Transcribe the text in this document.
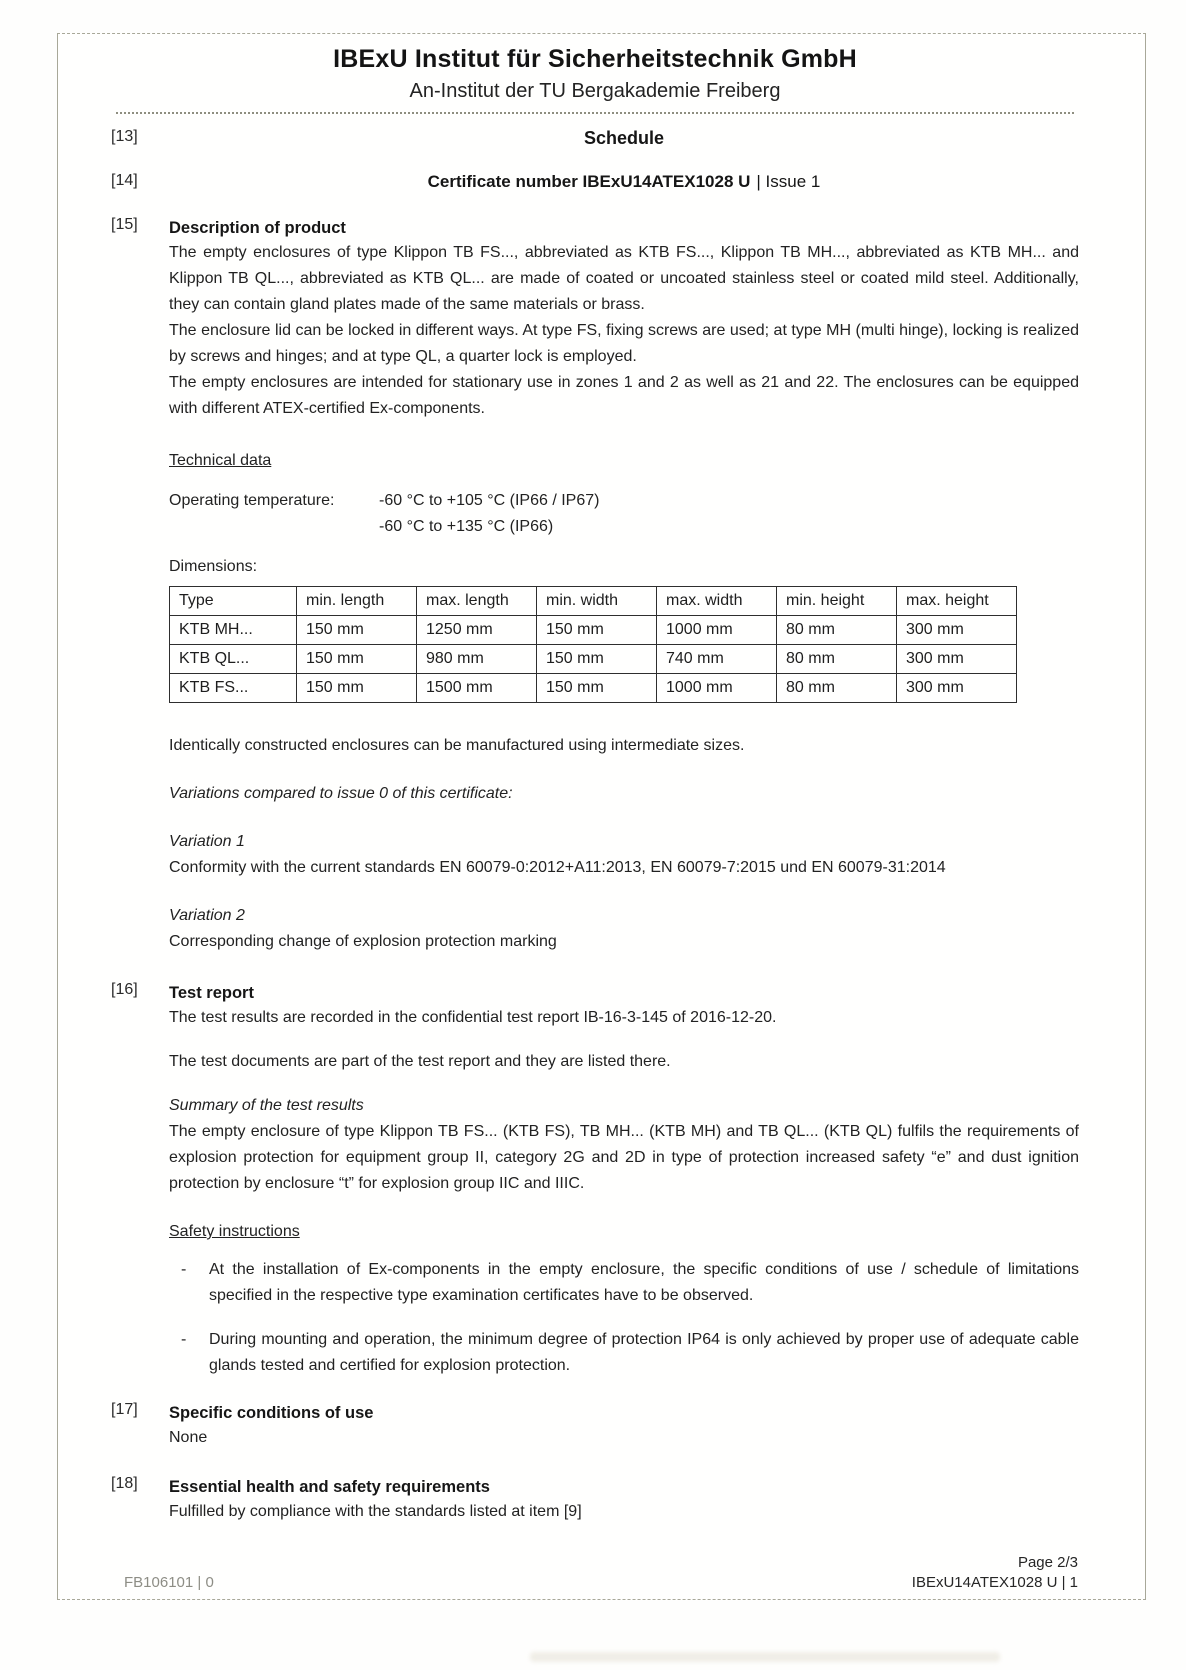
IBExU Institut für Sicherheitstechnik GmbH
An-Institut der TU Bergakademie Freiberg
[13]	Schedule
[14]	Certificate number IBExU14ATEX1028 U | Issue 1
[15]	Description of product
The empty enclosures of type Klippon TB FS..., abbreviated as KTB FS..., Klippon TB MH..., abbreviated as KTB MH... and Klippon TB QL..., abbreviated as KTB QL... are made of coated or uncoated stainless steel or coated mild steel. Additionally, they can contain gland plates made of the same materials or brass.
The enclosure lid can be locked in different ways. At type FS, fixing screws are used; at type MH (multi hinge), locking is realized by screws and hinges; and at type QL, a quarter lock is employed.
The empty enclosures are intended for stationary use in zones 1 and 2 as well as 21 and 22. The enclosures can be equipped with different ATEX-certified Ex-components.
Technical data
Operating temperature:	-60 °C to +105 °C (IP66 / IP67)
-60 °C to +135 °C (IP66)
Dimensions:
Type	min. length	max. length	min. width	max. width	min. height	max. height
KTB MH...	150 mm	1250 mm	150 mm	1000 mm	80 mm	300 mm
KTB QL...	150 mm	980 mm	150 mm	740 mm	80 mm	300 mm
KTB FS...	150 mm	1500 mm	150 mm	1000 mm	80 mm	300 mm
Identically constructed enclosures can be manufactured using intermediate sizes.
Variations compared to issue 0 of this certificate:
Variation 1
Conformity with the current standards EN 60079-0:2012+A11:2013, EN 60079-7:2015 und EN 60079-31:2014
Variation 2
Corresponding change of explosion protection marking
[16]	Test report
The test results are recorded in the confidential test report IB-16-3-145 of 2016-12-20.
The test documents are part of the test report and they are listed there.
Summary of the test results
The empty enclosure of type Klippon TB FS... (KTB FS), TB MH... (KTB MH) and TB QL... (KTB QL) fulfils the requirements of explosion protection for equipment group II, category 2G and 2D in type of protection increased safety “e” and dust ignition protection by enclosure “t” for explosion group IIC and IIIC.
Safety instructions
-	At the installation of Ex-components in the empty enclosure, the specific conditions of use / schedule of limitations specified in the respective type examination certificates have to be observed.
-	During mounting and operation, the minimum degree of protection IP64 is only achieved by proper use of adequate cable glands tested and certified for explosion protection.
[17]	Specific conditions of use
None
[18]	Essential health and safety requirements
Fulfilled by compliance with the standards listed at item [9]
Page 2/3
FB106101 | 0	IBExU14ATEX1028 U | 1
